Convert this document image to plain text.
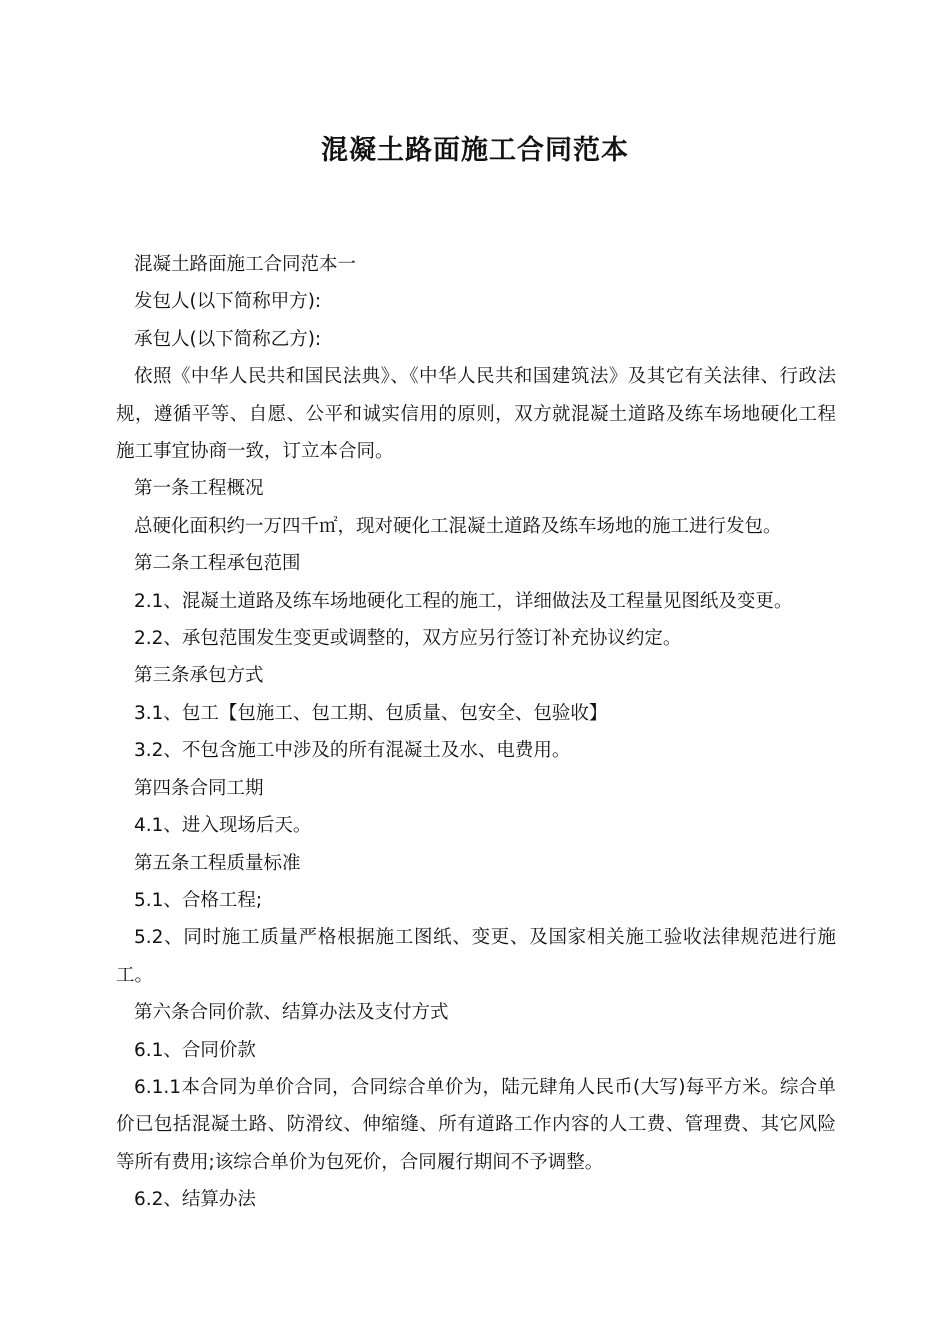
混凝土路面施工合同范本

混凝土路面施工合同范本一

发包人(以下简称甲方):

承包人(以下简称乙方):

依照《中华人民共和国民法典》、《中华人民共和国建筑法》及其它有关法律、行政法规，遵循平等、自愿、公平和诚实信用的原则，双方就混凝土道路及练车场地硬化工程施工事宜协商一致，订立本合同。

第一条工程概况

总硬化面积约一万四千㎡，现对硬化工混凝土道路及练车场地的施工进行发包。

第二条工程承包范围

2.1、混凝土道路及练车场地硬化工程的施工，详细做法及工程量见图纸及变更。

2.2、承包范围发生变更或调整的，双方应另行签订补充协议约定。

第三条承包方式

3.1、包工【包施工、包工期、包质量、包安全、包验收】

3.2、不包含施工中涉及的所有混凝土及水、电费用。

第四条合同工期

4.1、进入现场后天。

第五条工程质量标准

5.1、合格工程;

5.2、同时施工质量严格根据施工图纸、变更、及国家相关施工验收法律规范进行施工。

第六条合同价款、结算办法及支付方式

6.1、合同价款

6.1.1本合同为单价合同，合同综合单价为，陆元肆角人民币(大写)每平方米。综合单价已包括混凝土路、防滑纹、伸缩缝、所有道路工作内容的人工费、管理费、其它风险等所有费用;该综合单价为包死价，合同履行期间不予调整。

6.2、结算办法
